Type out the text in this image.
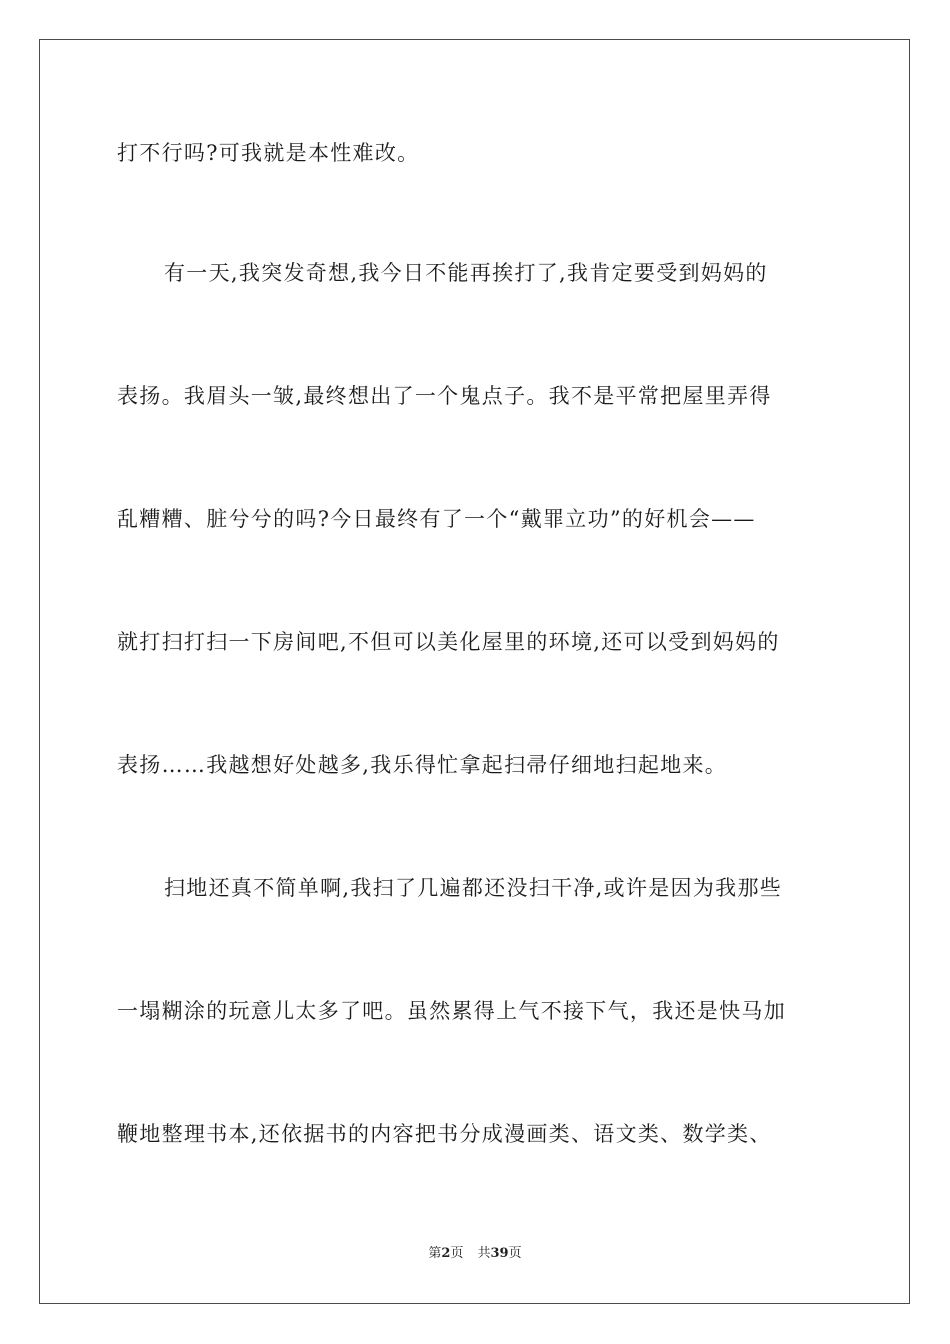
打不行吗?可我就是本性难改。
有一天,我突发奇想,我今日不能再挨打了,我肯定要受到妈妈的
表扬。我眉头一皱,最终想出了一个鬼点子。我不是平常把屋里弄得
乱糟糟、脏兮兮的吗?今日最终有了一个“戴罪立功”的好机会——
就打扫打扫一下房间吧,不但可以美化屋里的环境,还可以受到妈妈的
表扬……我越想好处越多,我乐得忙拿起扫帚仔细地扫起地来。
扫地还真不简单啊,我扫了几遍都还没扫干净,或许是因为我那些
一塌糊涂的玩意儿太多了吧。虽然累得上气不接下气，我还是快马加
鞭地整理书本,还依据书的内容把书分成漫画类、语文类、数学类、
第2页 共39页
